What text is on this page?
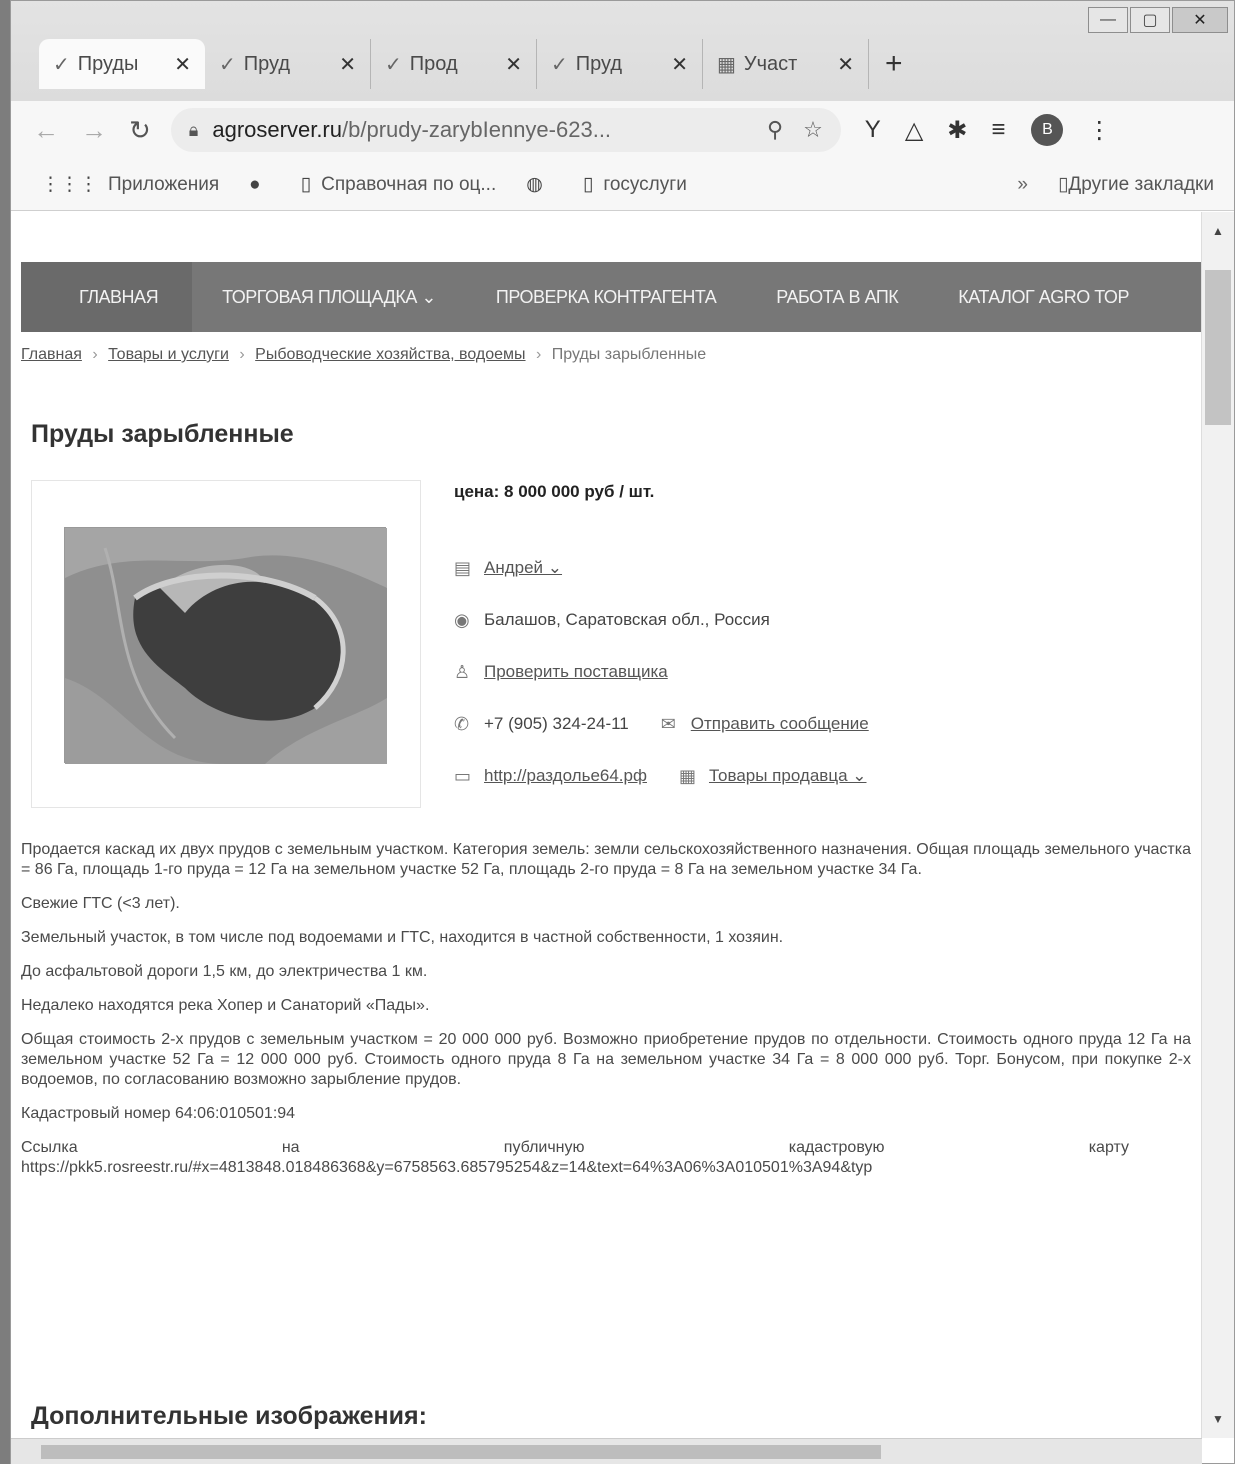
✓ Пруды	✕ ✓ Пруд	✕ ✓ Прод	✕ ✓ Пруд	✕ ▦ Участ	✕ +
—	▢	✕
← → ↻ 🔒︎ agroserver.ru /b/prudy-zarybIennye-623...	⚲ ☆ Y △ ✱ ≡	B	⋮
⋮⋮⋮ Приложения ● ▯ Справочная по оц... ◍ ▯ госуслуги	» ▯ Другие закладки
ГЛАВНАЯ	ТОРГОВАЯ ПЛОЩАДКА ⌄	ПРОВЕРКА КОНТРАГЕНТА	РАБОТА В АПК	КАТАЛОГ AGRO ТОР
Главная › Товары и услуги › Рыбоводческие хозяйства, водоемы › Пруды зарыбленные
Пруды зарыбленные
цена: 8 000 000 руб / шт.
▤ Андрей ⌄
◉ Балашов, Саратовская обл., Россия
♙ Проверить поставщика
✆ +7 (905) 324-24-11 ✉ Отправить сообщение
▭ http://раздолье64.рф ▦ Товары продавца ⌄

Продается каскад их двух прудов с земельным участком. Категория земель: земли сельскохозяйственного назначения. Общая площадь земельного участка = 86 Га, площадь 1-го пруда = 12 Га на земельном участке 52 Га, площадь 2-го пруда = 8 Га на земельном участке 34 Га.

Свежие ГТС (<3 лет).

Земельный участок, в том числе под водоемами и ГТС, находится в частной собственности, 1 хозяин.

До асфальтовой дороги 1,5 км, до электричества 1 км.

Недалеко находятся река Хопер и Санаторий «Пады».

Общая стоимость 2-х прудов с земельным участком = 20 000 000 руб. Возможно приобретение прудов по отдельности. Стоимость одного пруда 12 Га на земельном участке 52 Га = 12 000 000 руб. Стоимость одного пруда 8 Га на земельном участке 34 Га = 8 000 000 руб. Торг. Бонусом, при покупке 2-х водоемов, по согласованию возможно зарыбление прудов.

Кадастровый номер 64:06:010501:94

Ссылка	на	публичную	кадастровую	карту
https://pkk5.rosreestr.ru/#x=4813848.018486368&y=6758563.685795254&z=14&text=64%3A06%3A010501%3A94&typ
Дополнительные изображения:
▲
▼
